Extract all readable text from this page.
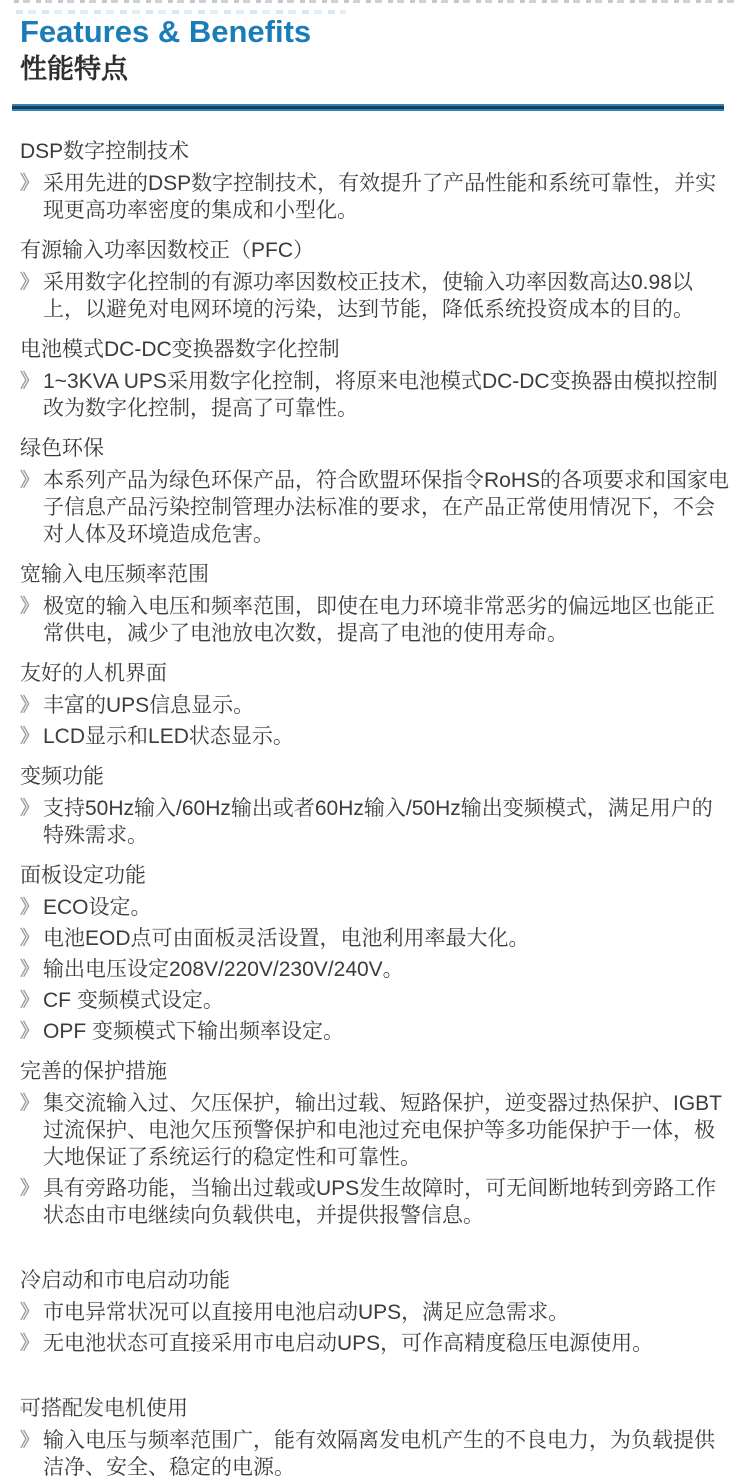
Features & Benefits
性能特点
DSP数字控制技术
》 采用先进的DSP数字控制技术，有效提升了产品性能和系统可靠性，并实现更高功率密度的集成和小型化。
有源输入功率因数校正（PFC）
》 采用数字化控制的有源功率因数校正技术，使输入功率因数高达0.98以上，以避免对电网环境的污染，达到节能，降低系统投资成本的目的。
电池模式DC-DC变换器数字化控制
》 1~3KVA UPS采用数字化控制，将原来电池模式DC-DC变换器由模拟控制改为数字化控制，提高了可靠性。
绿色环保
》 本系列产品为绿色环保产品，符合欧盟环保指令RoHS的各项要求和国家电子信息产品污染控制管理办法标准的要求，在产品正常使用情况下，不会对人体及环境造成危害。
宽输入电压频率范围
》 极宽的输入电压和频率范围，即使在电力环境非常恶劣的偏远地区也能正常供电，减少了电池放电次数，提高了电池的使用寿命。
友好的人机界面
》 丰富的UPS信息显示。
》 LCD显示和LED状态显示。
变频功能
》 支持50Hz输入/60Hz输出或者60Hz输入/50Hz输出变频模式，满足用户的特殊需求。
面板设定功能
》 ECO设定。
》 电池EOD点可由面板灵活设置，电池利用率最大化。
》 输出电压设定208V/220V/230V/240V。
》 CF 变频模式设定。
》 OPF 变频模式下输出频率设定。
完善的保护措施
》 集交流输入过、欠压保护，输出过载、短路保护，逆变器过热保护、IGBT过流保护、电池欠压预警保护和电池过充电保护等多功能保护于一体，极大地保证了系统运行的稳定性和可靠性。
》 具有旁路功能，当输出过载或UPS发生故障时，可无间断地转到旁路工作状态由市电继续向负载供电，并提供报警信息。
冷启动和市电启动功能
》 市电异常状况可以直接用电池启动UPS，满足应急需求。
》 无电池状态可直接采用市电启动UPS，可作高精度稳压电源使用。
可搭配发电机使用
》 输入电压与频率范围广，能有效隔离发电机产生的不良电力，为负载提供洁净、安全、稳定的电源。
